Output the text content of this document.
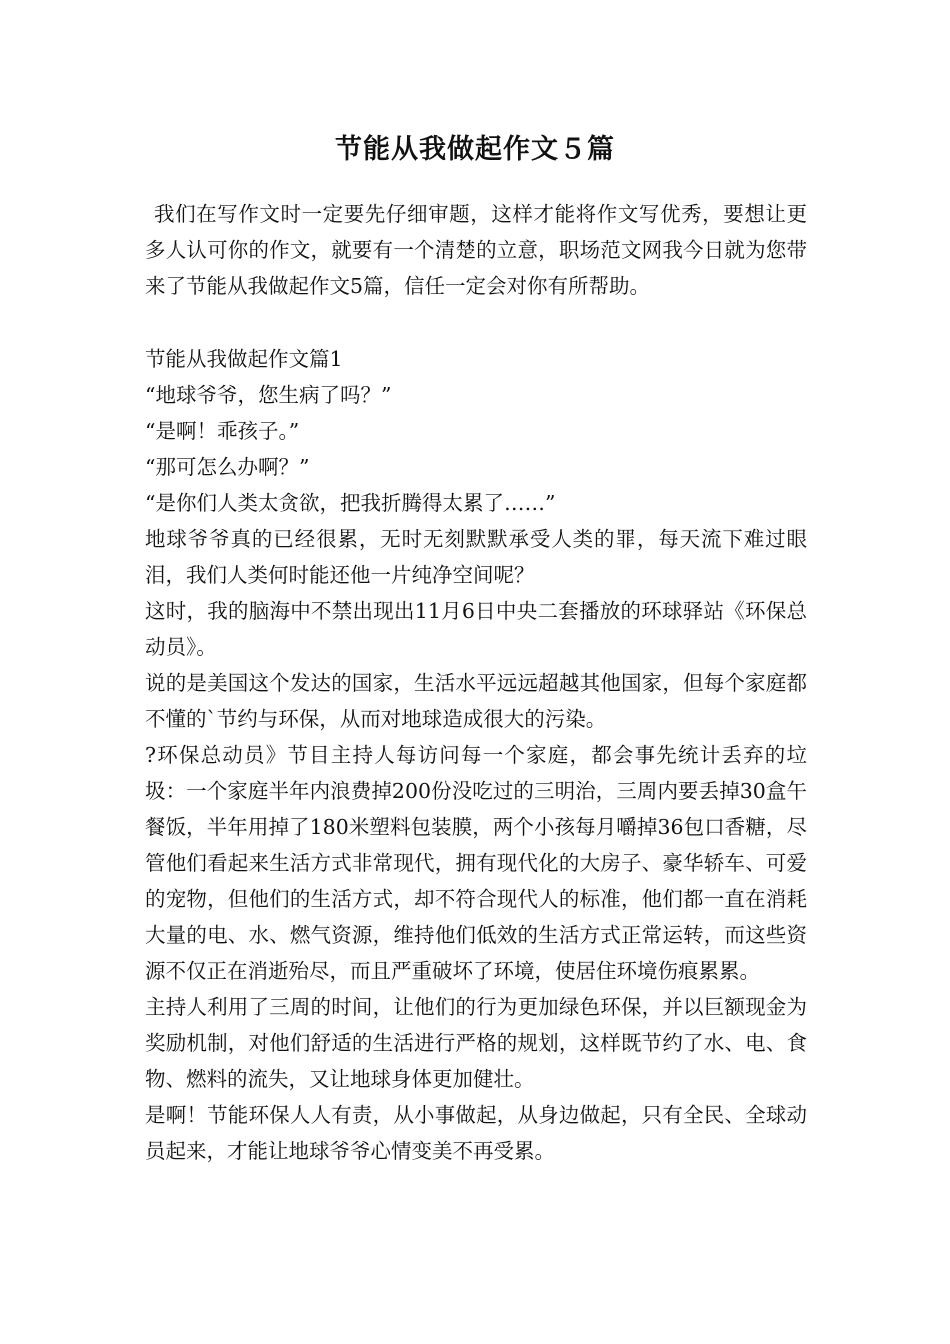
节能从我做起作文５篇
我们在写作文时一定要先仔细审题，这样才能将作文写优秀，要想让更多人认可你的作文，就要有一个清楚的立意，职场范文网我今日就为您带来了节能从我做起作文5篇，信任一定会对你有所帮助。

节能从我做起作文篇1

“地球爷爷，您生病了吗？”

“是啊！乖孩子。”

“那可怎么办啊？”

“是你们人类太贪欲，把我折腾得太累了……”

地球爷爷真的已经很累，无时无刻默默承受人类的罪，每天流下难过眼泪，我们人类何时能还他一片纯净空间呢？

这时，我的脑海中不禁出现出11月6日中央二套播放的环球驿站《环保总动员》。

说的是美国这个发达的国家，生活水平远远超越其他国家，但每个家庭都不懂的`节约与环保，从而对地球造成很大的污染。

?环保总动员》节目主持人每访问每一个家庭，都会事先统计丢弃的垃圾：一个家庭半年内浪费掉200份没吃过的三明治，三周内要丢掉30盒午餐饭，半年用掉了180米塑料包装膜，两个小孩每月嚼掉36包口香糖，尽管他们看起来生活方式非常现代，拥有现代化的大房子、豪华轿车、可爱的宠物，但他们的生活方式，却不符合现代人的标准，他们都一直在消耗大量的电、水、燃气资源，维持他们低效的生活方式正常运转，而这些资源不仅正在消逝殆尽，而且严重破坏了环境，使居住环境伤痕累累。

主持人利用了三周的时间，让他们的行为更加绿色环保，并以巨额现金为奖励机制，对他们舒适的生活进行严格的规划，这样既节约了水、电、食物、燃料的流失，又让地球身体更加健壮。

是啊！节能环保人人有责，从小事做起，从身边做起，只有全民、全球动员起来，才能让地球爷爷心情变美不再受累。
